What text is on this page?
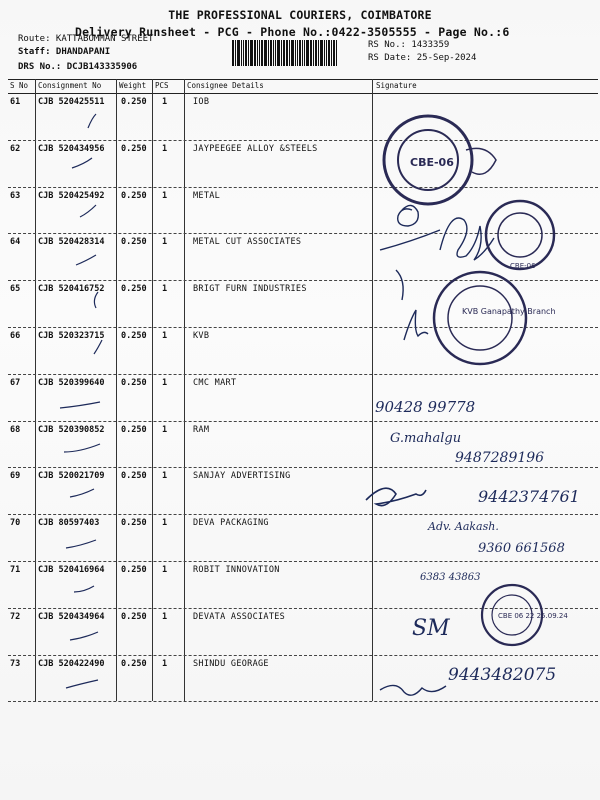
THE PROFESSIONAL COURIERS, COIMBATORE
Delivery Runsheet - PCG - Phone No.:0422-3505555 - Page No.:6
Route: KATTABOMMAN STREET
Staff: DHANDAPANI
DRS No.: DCJB143335906
RS No.: 1433359
RS Date: 25-Sep-2024
S No Consignment No Weight PCS Consignee Details	Signature
61 CJB 520425511 0.250 1	IOB
62 CJB 520434956 0.250 1	JAYPEEGEE ALLOY &STEELS
63 CJB 520425492 0.250 1	METAL
64 CJB 520428314 0.250 1	METAL CUT ASSOCIATES
65 CJB 520416752 0.250 1	BRIGT FURN INDUSTRIES
66 CJB 520323715 0.250 1	KVB
67 CJB 520399640 0.250 1	CMC MART
68 CJB 520390852 0.250 1	RAM
69 CJB 520021709 0.250 1	SANJAY ADVERTISING
70 CJB 80597403	0.250 1	DEVA PACKAGING
71 CJB 520416964 0.250 1	ROBIT INNOVATION
72 CJB 520434964 0.250 1	DEVATA ASSOCIATES
73 CJB 520422490 0.250 1	SHINDU GEORAGE
CBE-06
CBE-06
KVB Ganapathy Branch
90428 99778
G.mahalgu
9487289196
9442374761
Adv. Aakash.
9360 661568
6383 43863
SM	CBE 06 22 25.09.24
9443482075
